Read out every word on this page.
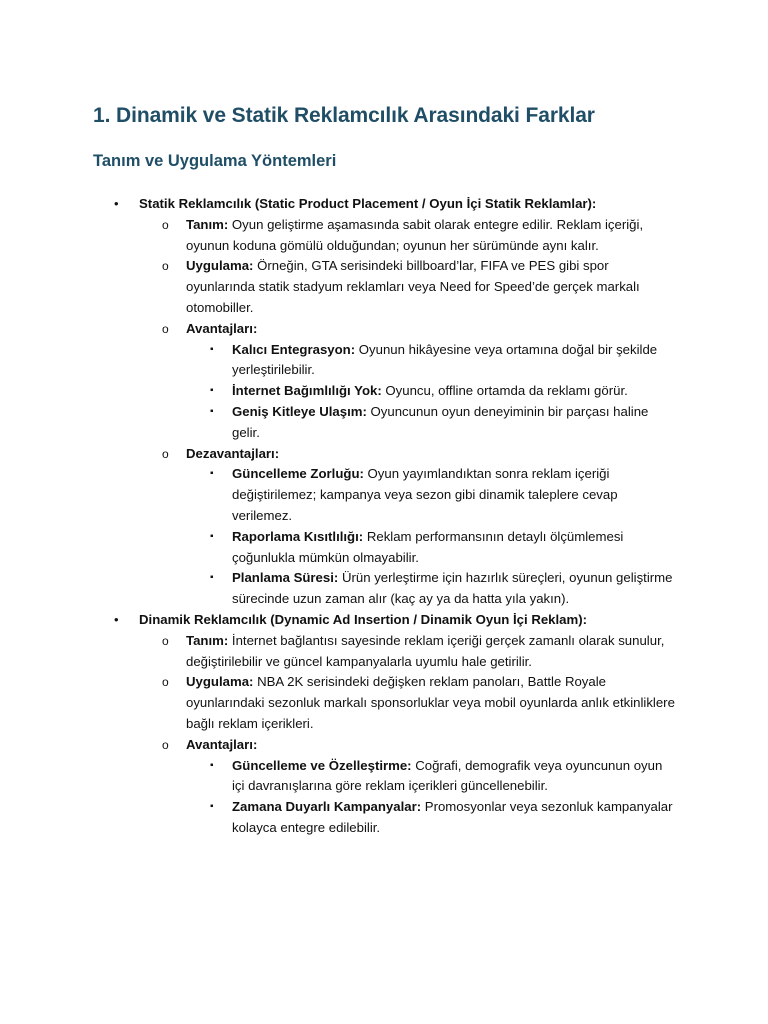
1. Dinamik ve Statik Reklamcılık Arasındaki Farklar
Tanım ve Uygulama Yöntemleri
• Statik Reklamcılık (Static Product Placement / Oyun İçi Statik Reklamlar):
o Tanım: Oyun geliştirme aşamasında sabit olarak entegre edilir. Reklam içeriği, oyunun koduna gömülü olduğundan; oyunun her sürümünde aynı kalır.
o Uygulama: Örneğin, GTA serisindeki billboard’lar, FIFA ve PES gibi spor oyunlarında statik stadyum reklamları veya Need for Speed’de gerçek markalı otomobiller.
o Avantajları:
▪ Kalıcı Entegrasyon: Oyunun hikâyesine veya ortamına doğal bir şekilde yerleştirilebilir.
▪ İnternet Bağımlılığı Yok: Oyuncu, offline ortamda da reklamı görür.
▪ Geniş Kitleye Ulaşım: Oyuncunun oyun deneyiminin bir parçası haline gelir.
o Dezavantajları:
▪ Güncelleme Zorluğu: Oyun yayımlandıktan sonra reklam içeriği değiştirilemez; kampanya veya sezon gibi dinamik taleplere cevap verilemez.
▪ Raporlama Kısıtlılığı: Reklam performansının detaylı ölçümlemesi çoğunlukla mümkün olmayabilir.
▪ Planlama Süresi: Ürün yerleştirme için hazırlık süreçleri, oyunun geliştirme sürecinde uzun zaman alır (kaç ay ya da hatta yıla yakın).
• Dinamik Reklamcılık (Dynamic Ad Insertion / Dinamik Oyun İçi Reklam):
o Tanım: İnternet bağlantısı sayesinde reklam içeriği gerçek zamanlı olarak sunulur, değiştirilebilir ve güncel kampanyalarla uyumlu hale getirilir.
o Uygulama: NBA 2K serisindeki değişken reklam panoları, Battle Royale oyunlarındaki sezonluk markalı sponsorluklar veya mobil oyunlarda anlık etkinliklere bağlı reklam içerikleri.
o Avantajları:
▪ Güncelleme ve Özelleştirme: Coğrafi, demografik veya oyuncunun oyun içi davranışlarına göre reklam içerikleri güncellenebilir.
▪ Zamana Duyarlı Kampanyalar: Promosyonlar veya sezonluk kampanyalar kolayca entegre edilebilir.
